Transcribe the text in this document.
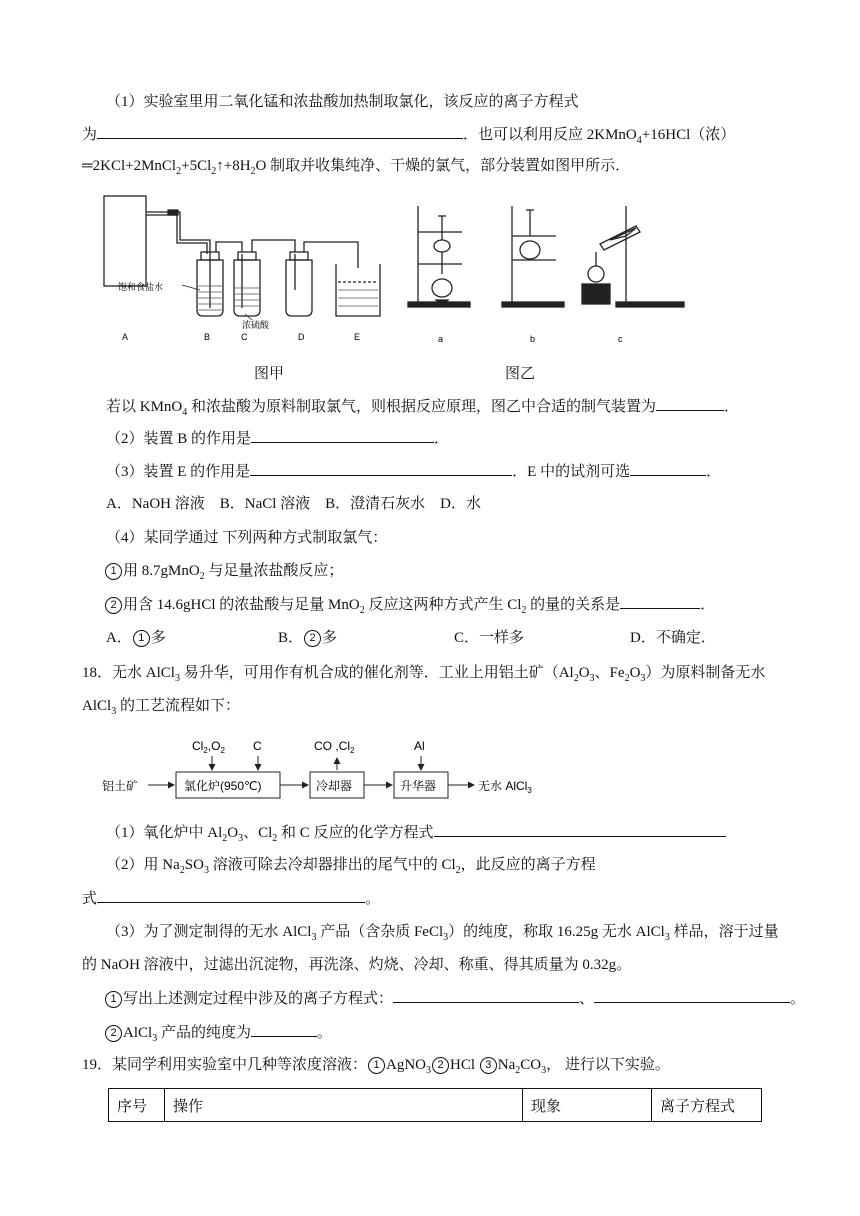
（1）实验室里用二氧化锰和浓盐酸加热制取氯化，该反应的离子方程式
为	．也可以利用反应 2KMnO$_4$+16HCl（浓）
$═2KCl+2MnCl_2+5Cl_2↑+8H_2O$ 制取并收集纯净、干燥的氯气，部分装置如图甲所示．
饱和食盐水
浓硫酸
A	B	C	D	E
图甲
a	b	c
图乙
若以 KMnO$_4$ 和浓盐酸为原料制取氯气，则根据反应原理，图乙中合适的制气装置为	．
（2）装置 B 的作用是	．
（3）装置 E 的作用是	．E 中的试剂可选	．
A．NaOH 溶液　B．NaCl 溶液　B．澄清石灰水　D．水
（4）某同学通过 下列两种方式制取氯气：
1 用 8.7gMnO$_2$ 与足量浓盐酸反应；
2 用含 14.6gHCl 的浓盐酸与足量 MnO$_2$ 反应这两种方式产生 $Cl_2$ 的量的关系是	．
A． 1 多	B． 2 多	C．一样多	D．不确定．
18．无水 AlCl$_3$ 易升华，可用作有机合成的催化剂等．工业上用铝土矿（$Al_2O_3$、$Fe_2O_3$）为原料制备无水
AlCl$_3$ 的工艺流程如下：
铝土矿	氯化炉(950℃)	冷却器	升华器	无水 AlCl$_3$
$Cl_2,O_2$ C	CO $,Cl_2$	Al
（1）氧化炉中 $Al_2O_3$、$Cl_2$ 和 C 反应的化学方程式
（2）用 $Na_2SO_3$ 溶液可除去冷却器排出的尾气中的 $Cl_2$，此反应的离子方程
式	。
（3）为了测定制得的无水 AlCl$_3$ 产品（含杂质 FeCl$_3$）的纯度，称取 16.25g 无水 AlCl$_3$ 样品，溶于过量
的 NaOH 溶液中，过滤出沉淀物，再洗涤、灼烧、冷却、称重、得其质量为 0.32g。
1 写出上述测定过程中涉及的离子方程式：	、	。
2 AlCl$_3$ 产品的纯度为	。
19．某同学利用实验室中几种等浓度溶液： 1 AgNO$_3$ 2 HCl 3 $Na_2CO_3$， 进行以下实验。
序号	操作	现象	离子方程式
